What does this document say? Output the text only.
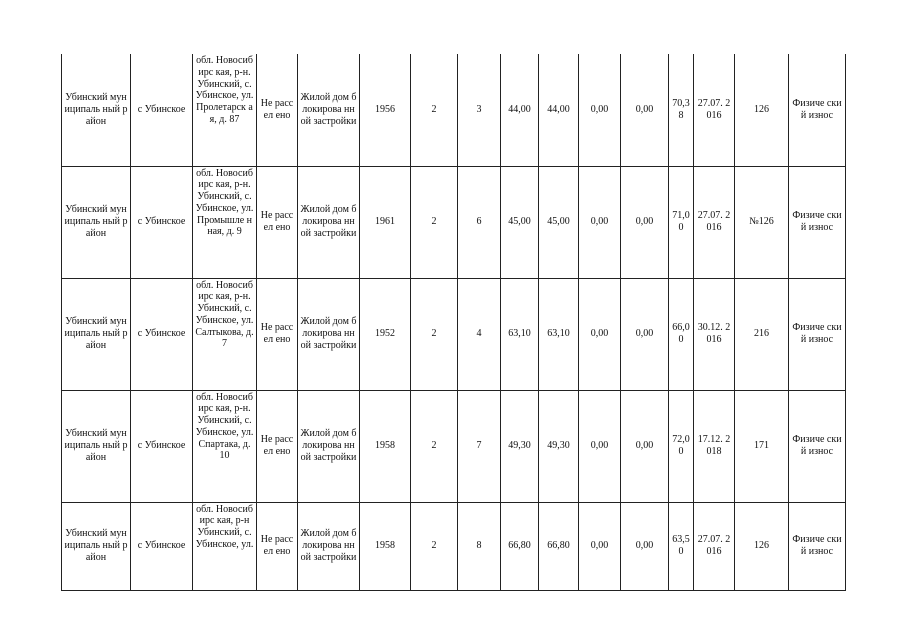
Убинский муниципаль ный район	с Убинское	обл. Новосибирс кая, р-н. Убинский, с. Убинское, ул. Пролетарск ая, д. 87	Не рассел ено	Жилой дом блокирова нной застройки	1956	2	3	44,00	44,00	0,00	0,00	70,3 8	27.07. 2016	126	Физиче ский износ
Убинский муниципаль ный район	с Убинское	обл. Новосибирс кая, р-н. Убинский, с. Убинское, ул. Промышле нная, д. 9	Не рассел ено	Жилой дом блокирова нной застройки	1961	2	6	45,00	45,00	0,00	0,00	71,0 0	27.07. 2016	№126	Физиче ский износ
Убинский муниципаль ный район	с Убинское	обл. Новосибирс кая, р-н. Убинский, с. Убинское, ул. Салтыкова, д. 7	Не рассел ено	Жилой дом блокирова нной застройки	1952	2	4	63,10	63,10	0,00	0,00	66,0 0	30.12. 2016	216	Физиче ский износ
Убинский муниципаль ный район	с Убинское	обл. Новосибирс кая, р-н. Убинский, с. Убинское, ул. Спартака, д. 10	Не рассел ено	Жилой дом блокирова нной застройки	1958	2	7	49,30	49,30	0,00	0,00	72,0 0	17.12. 2018	171	Физиче ский износ
Убинский муниципаль ный район	с Убинское	обл. Новосибирс кая, р-н Убинский, с. Убинское, ул.	Не рассел ено	Жилой дом блокирова нной застройки	1958	2	8	66,80	66,80	0,00	0,00	63,5 0	27.07. 2016	126	Физиче ский износ
